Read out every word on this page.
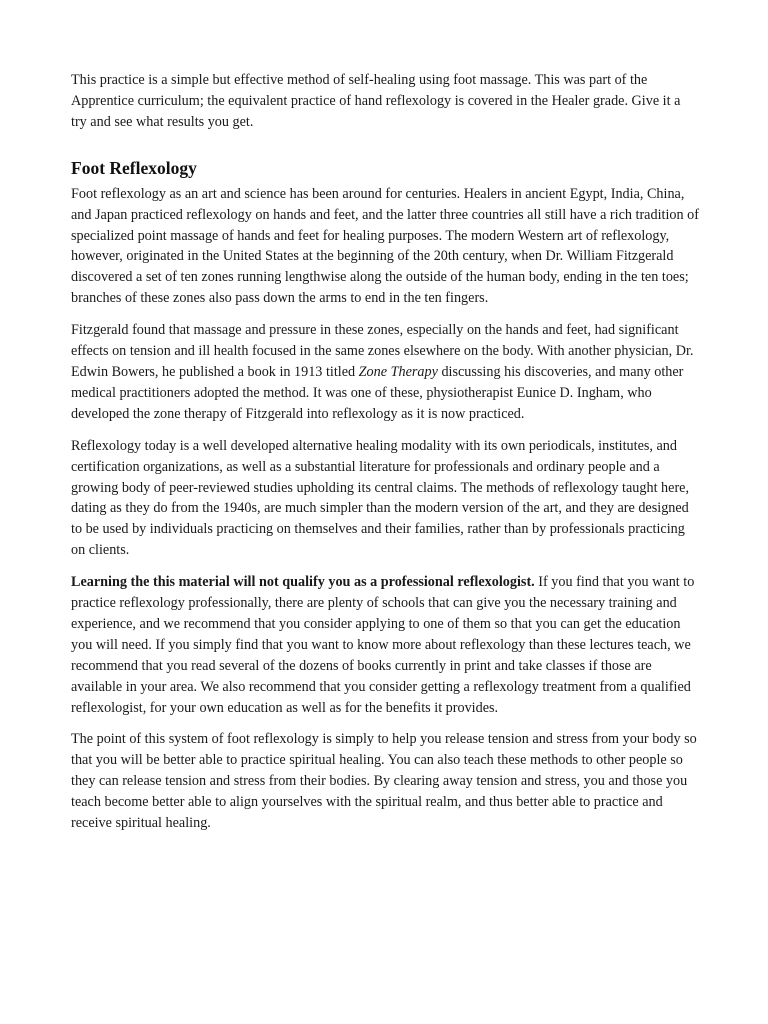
This practice is a simple but effective method of self-healing using foot massage. This was part of the Apprentice curriculum; the equivalent practice of hand reflexology is covered in the Healer grade. Give it a try and see what results you get.

Foot Reflexology

Foot reflexology as an art and science has been around for centuries. Healers in ancient Egypt, India, China, and Japan practiced reflexology on hands and feet, and the latter three countries all still have a rich tradition of specialized point massage of hands and feet for healing purposes. The modern Western art of reflexology, however, originated in the United States at the beginning of the 20th century, when Dr. William Fitzgerald discovered a set of ten zones running lengthwise along the outside of the human body, ending in the ten toes; branches of these zones also pass down the arms to end in the ten fingers.

Fitzgerald found that massage and pressure in these zones, especially on the hands and feet, had significant effects on tension and ill health focused in the same zones elsewhere on the body. With another physician, Dr. Edwin Bowers, he published a book in 1913 titled Zone Therapy discussing his discoveries, and many other medical practitioners adopted the method. It was one of these, physiotherapist Eunice D. Ingham, who developed the zone therapy of Fitzgerald into reflexology as it is now practiced.

Reflexology today is a well developed alternative healing modality with its own periodicals, institutes, and certification organizations, as well as a substantial literature for professionals and ordinary people and a growing body of peer-reviewed studies upholding its central claims. The methods of reflexology taught here, dating as they do from the 1940s, are much simpler than the modern version of the art, and they are designed to be used by individuals practicing on themselves and their families, rather than by professionals practicing on clients.

Learning the this material will not qualify you as a professional reflexologist. If you find that you want to practice reflexology professionally, there are plenty of schools that can give you the necessary training and experience, and we recommend that you consider applying to one of them so that you can get the education you will need. If you simply find that you want to know more about reflexology than these lectures teach, we recommend that you read several of the dozens of books currently in print and take classes if those are available in your area. We also recommend that you consider getting a reflexology treatment from a qualified reflexologist, for your own education as well as for the benefits it provides.

The point of this system of foot reflexology is simply to help you release tension and stress from your body so that you will be better able to practice spiritual healing. You can also teach these methods to other people so they can release tension and stress from their bodies. By clearing away tension and stress, you and those you teach become better able to align yourselves with the spiritual realm, and thus better able to practice and receive spiritual healing.
